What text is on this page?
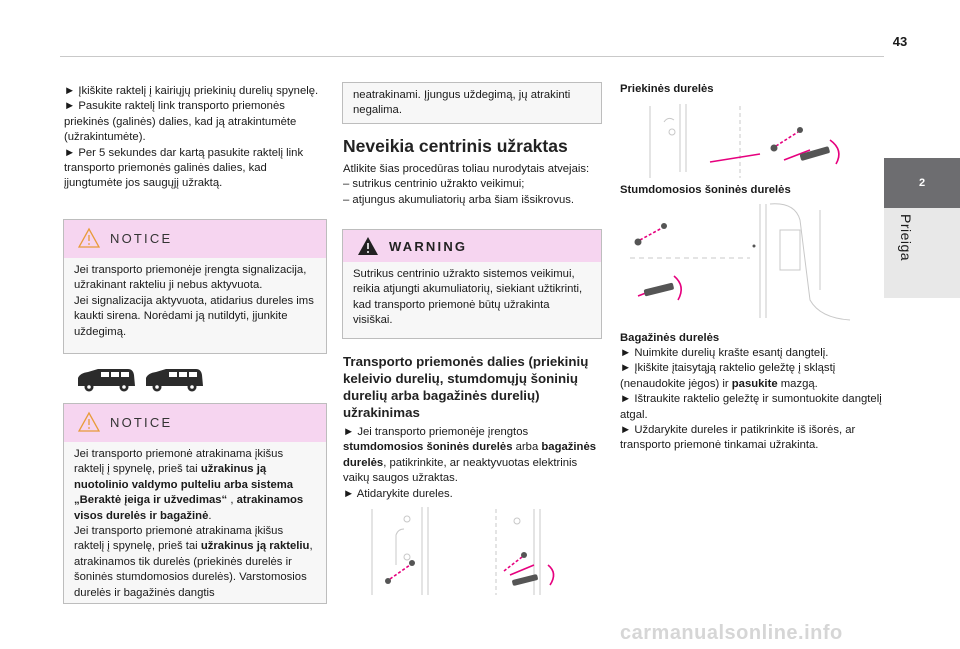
43
2
Prieiga

► Įkiškite raktelį į kairiųjų priekinių durelių spynelę.

► Pasukite raktelį link transporto priemonės priekinės (galinės) dalies, kad ją atrakintumėte (užrakintumėte).

► Per 5 sekundes dar kartą pasukite raktelį link transporto priemonės galinės dalies, kad įjungtumėte jos saugųjį užraktą.

NOTICE
Jei transporto priemonėje įrengta signalizacija, užrakinant rakteliu ji nebus aktyvuota.
Jei signalizacija aktyvuota, atidarius dureles ims kaukti sirena. Norėdami ją nutildyti, įjunkite uždegimą.
NOTICE

Jei transporto priemonė atrakinama įkišus raktelį į spynelę, prieš tai užrakinus ją nuotolinio valdymo pulteliu arba sistema „Beraktė įeiga ir užvedimas“ , atrakinamos visos durelės ir bagažinė.

Jei transporto priemonė atrakinama įkišus raktelį į spynelę, prieš tai užrakinus ją rakteliu, atrakinamos tik durelės (priekinės durelės ir šoninės stumdomosios durelės). Varstomosios durelės ir bagažinės dangtis

neatrakinami. Įjungus uždegimą, jų atrakinti negalima.
Neveikia centrinis užraktas

Atlikite šias procedūras toliau nurodytais atvejais:

– sutrikus centrinio užrakto veikimui;

– atjungus akumuliatorių arba šiam išsikrovus.

WARNING
Sutrikus centrinio užrakto sistemos veikimui, reikia atjungti akumuliatorių, siekiant užtikrinti, kad transporto priemonė būtų užrakinta visiškai.
Transporto priemonės dalies (priekinių keleivio durelių, stumdomųjų šoninių durelių arba bagažinės durelių) užrakinimas

► Jei transporto priemonėje įrengtos stumdomosios šoninės durelės arba bagažinės durelės, patikrinkite, ar neaktyvuotas elektrinis vaikų saugos užraktas.

► Atidarykite dureles.

Priekinės durelės
Stumdomosios šoninės durelės
Bagažinės durelės

► Nuimkite durelių krašte esantį dangtelį.

► Įkiškite įtaisytąją raktelio geležtę į skląstį (nenaudokite jėgos) ir pasukite mazgą.

► Ištraukite raktelio geležtę ir sumontuokite dangtelį atgal.

► Uždarykite dureles ir patikrinkite iš išorės, ar transporto priemonė tinkamai užrakinta.

carmanualsonline.info
